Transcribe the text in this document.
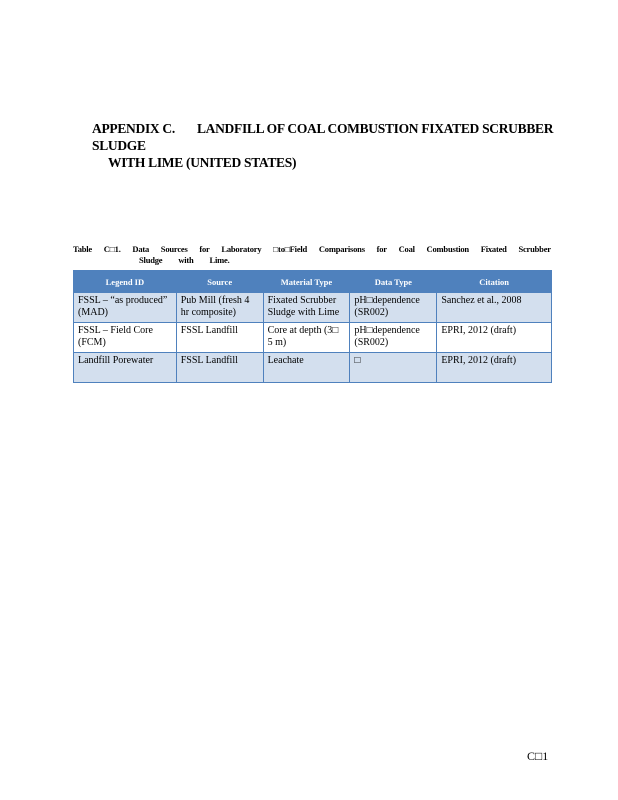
APPENDIX C. LANDFILL OF COAL COMBUSTION FIXATED SCRUBBER SLUDGE
WITH LIME (UNITED STATES)
Table C□1. Data Sources for Laboratory □to□Field Comparisons for Coal Combustion Fixated Scrubber
Sludge with Lime.
Legend ID	Source	Material Type	Data Type	Citation
FSSL – “as produced” (MAD)	Pub Mill (fresh 4 hr composite)	Fixated Scrubber Sludge with Lime	pH□dependence (SR002)	Sanchez et al., 2008
FSSL – Field Core (FCM)	FSSL Landfill	Core at depth (3□ 5 m)	pH□dependence (SR002)	EPRI, 2012 (draft)
Landfill Porewater	FSSL Landfill	Leachate	□	EPRI, 2012 (draft)
C□1
